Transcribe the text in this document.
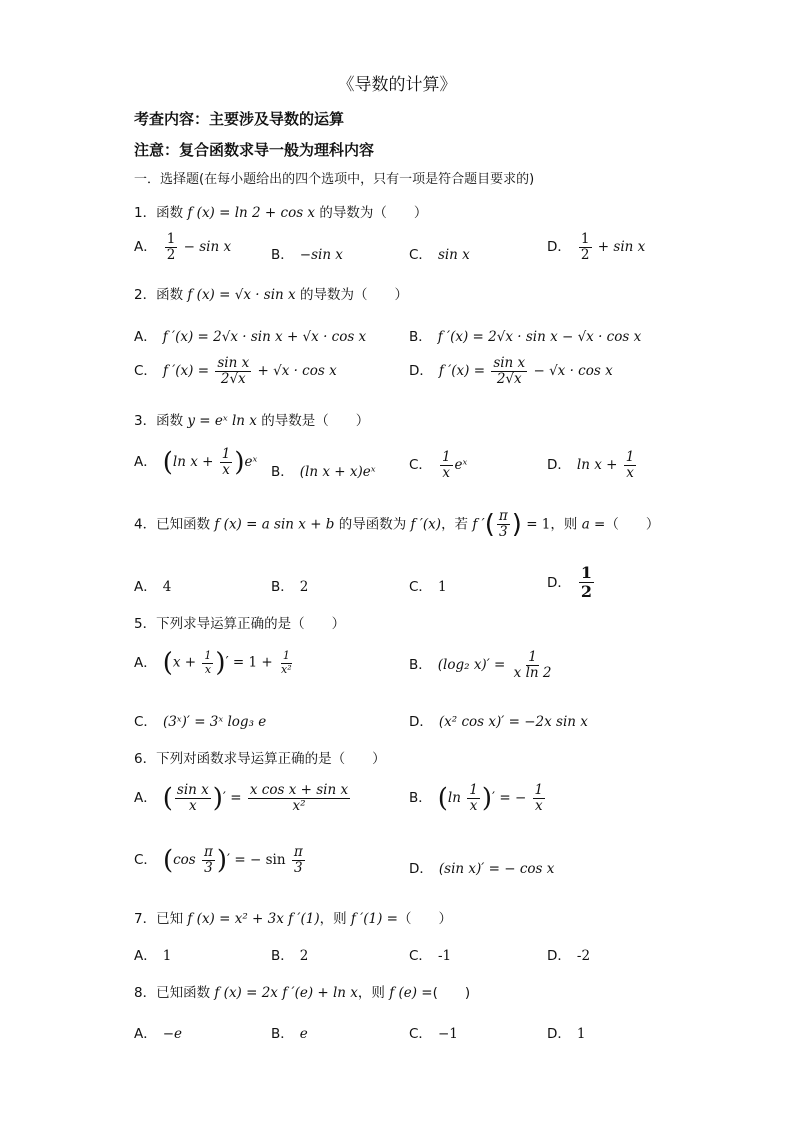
《导数的计算》
考查内容：主要涉及导数的运算
注意：复合函数求导一般为理科内容
一．选择题(在每小题给出的四个选项中，只有一项是符合题目要求的)
1．函数 f (x) = ln 2 + cos x 的导数为（　　）
A． $\frac{1}{2} - \sin x$
B． −sin x	C． sin x
D． $\frac{1}{2} + \sin x$
2．函数 f (x) = √x · sin x 的导数为（　　）
A． f ′(x) = 2√x · sin x + √x · cos x	B． f ′(x) = 2√x · sin x − √x · cos x
C． f $'(x) = \frac{\text{sin x}}{2√x} + √x \cdot \cos x$	D． f $'(x) = \frac{\text{sin x}}{2√x} - √x \cdot \cos x$
3．函数 y = eˣ ln x 的导数是（　　）
A． (ln $x + \frac{1}{x}$ )eˣ
B． (ln x + x)eˣ C． $\frac{1}{x}$ eˣ	D． $\ln x + \frac{1}{x}$
4．已知函数 f (x) = a sin x + b 的导函数为 f ′(x)，若 f ′( $\frac{\pi}{3}$ ) = 1，则 a =（　　）
A． 4	B． 2	C． 1	D． $\frac{1}{2}$
5．下列求导运算正确的是（　　）
A． ($x + \frac{1}{x}$ )′ = $1 + \frac{1}{\text{x²}}$	B． (log₂ $x)' = \frac{1}{\text{x ln 2}}$
C． (3ˣ)′ = 3ˣ log₃ e	D． (x² cos x)′ = −2x sin x
6．下列对函数求导运算正确的是（　　）
A． ( $\frac{\text{sin x}}{x}$ )′ = $\frac{\text{x cos x + sin x}}{\text{x²}}$	B． ($\ln \frac{1}{x}$ )′ = − $\frac{1}{x}$
C． ($\cos \frac{\pi}{3}$ )′ = − $\sin \frac{\pi}{3}$	D． (sin x)′ = − cos x
7．已知 f (x) = x² + 3x f ′(1)，则 f ′(1) =（　　）
A． 1	B． 2	C． -1	D． -2
8．已知函数 f (x) = 2x f ′(e) + ln x，则 f (e) =(　　)
A． −e	B． e	C． −1	D． 1
